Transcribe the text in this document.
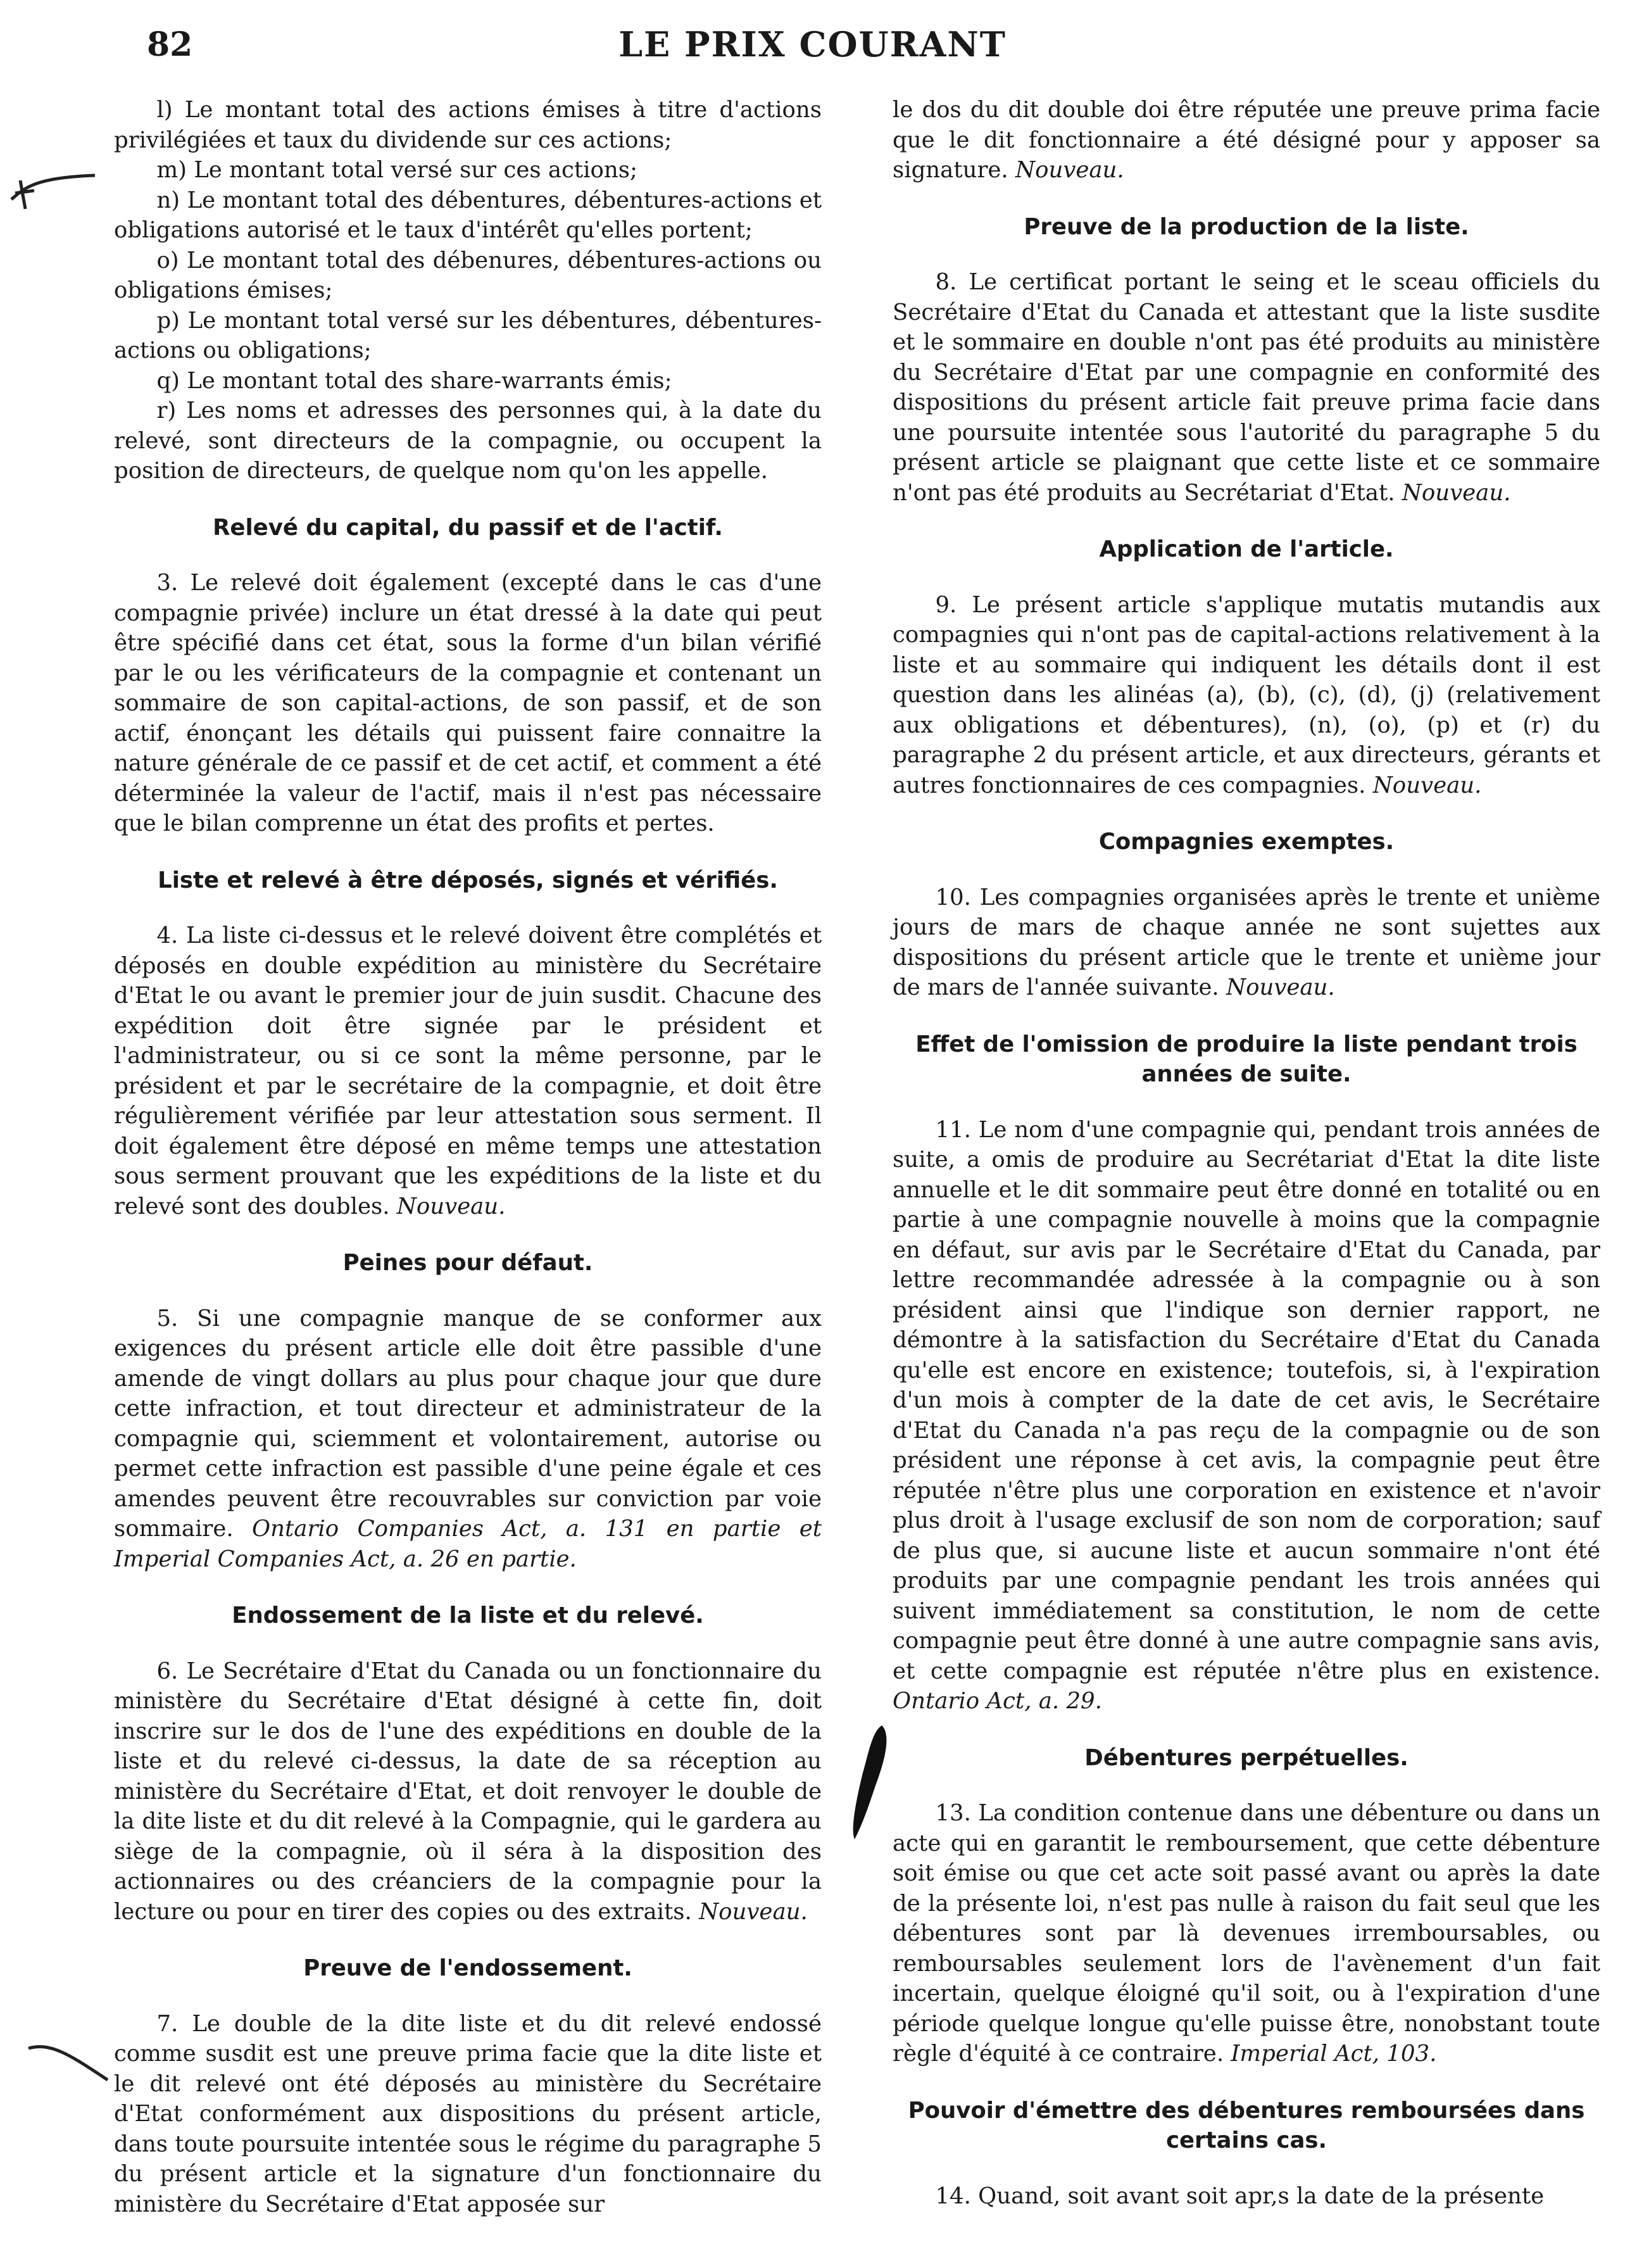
82	LE PRIX COURANT

l) Le montant total des actions émises à titre d'actions privilégiées et taux du dividende sur ces actions;

m) Le montant total versé sur ces actions;

n) Le montant total des débentures, débentures-actions et obligations autorisé et le taux d'intérêt qu'elles portent;

o) Le montant total des débenures, débentures-actions ou obligations émises;

p) Le montant total versé sur les débentures, débentures-actions ou obligations;

q) Le montant total des share-warrants émis;

r) Les noms et adresses des personnes qui, à la date du relevé, sont directeurs de la compagnie, ou occupent la position de directeurs, de quelque nom qu'on les appelle.

Relevé du capital, du passif et de l'actif.

3. Le relevé doit également (excepté dans le cas d'une compagnie privée) inclure un état dressé à la date qui peut être spécifié dans cet état, sous la forme d'un bilan vérifié par le ou les vérificateurs de la compagnie et contenant un sommaire de son capital-actions, de son passif, et de son actif, énonçant les détails qui puissent faire connaitre la nature générale de ce passif et de cet actif, et comment a été déterminée la valeur de l'actif, mais il n'est pas nécessaire que le bilan comprenne un état des profits et pertes.

Liste et relevé à être déposés, signés et vérifiés.

4. La liste ci-dessus et le relevé doivent être complétés et déposés en double expédition au ministère du Secrétaire d'Etat le ou avant le premier jour de juin susdit. Chacune des expédition doit être signée par le président et l'administrateur, ou si ce sont la même personne, par le président et par le secrétaire de la compagnie, et doit être régulièrement vérifiée par leur attestation sous serment. Il doit également être déposé en même temps une attestation sous serment prouvant que les expéditions de la liste et du relevé sont des doubles. Nouveau.

Peines pour défaut.

5. Si une compagnie manque de se conformer aux exigences du présent article elle doit être passible d'une amende de vingt dollars au plus pour chaque jour que dure cette infraction, et tout directeur et administrateur de la compagnie qui, sciemment et volontairement, autorise ou permet cette infraction est passible d'une peine égale et ces amendes peuvent être recouvrables sur conviction par voie sommaire. Ontario Companies Act, a. 131 en partie et Imperial Companies Act, a. 26 en partie.

Endossement de la liste et du relevé.

6. Le Secrétaire d'Etat du Canada ou un fonctionnaire du ministère du Secrétaire d'Etat désigné à cette fin, doit inscrire sur le dos de l'une des expéditions en double de la liste et du relevé ci-dessus, la date de sa réception au ministère du Secrétaire d'Etat, et doit renvoyer le double de la dite liste et du dit relevé à la Compagnie, qui le gardera au siège de la compagnie, où il séra à la disposition des actionnaires ou des créanciers de la compagnie pour la lecture ou pour en tirer des copies ou des extraits. Nouveau.

Preuve de l'endossement.

7. Le double de la dite liste et du dit relevé endossé comme susdit est une preuve prima facie que la dite liste et le dit relevé ont été déposés au ministère du Secrétaire d'Etat conformément aux dispositions du présent article, dans toute poursuite intentée sous le régime du paragraphe 5 du présent article et la signature d'un fonctionnaire du ministère du Secrétaire d'Etat apposée sur

le dos du dit double doi être réputée une preuve prima facie que le dit fonctionnaire a été désigné pour y apposer sa signature. Nouveau.

Preuve de la production de la liste.

8. Le certificat portant le seing et le sceau officiels du Secrétaire d'Etat du Canada et attestant que la liste susdite et le sommaire en double n'ont pas été produits au ministère du Secrétaire d'Etat par une compagnie en conformité des dispositions du présent article fait preuve prima facie dans une poursuite intentée sous l'autorité du paragraphe 5 du présent article se plaignant que cette liste et ce sommaire n'ont pas été produits au Secrétariat d'Etat. Nouveau.

Application de l'article.

9. Le présent article s'applique mutatis mutandis aux compagnies qui n'ont pas de capital-actions relativement à la liste et au sommaire qui indiquent les détails dont il est question dans les alinéas (a), (b), (c), (d), (j) (relativement aux obligations et débentures), (n), (o), (p) et (r) du paragraphe 2 du présent article, et aux directeurs, gérants et autres fonctionnaires de ces compagnies. Nouveau.

Compagnies exemptes.

10. Les compagnies organisées après le trente et unième jours de mars de chaque année ne sont sujettes aux dispositions du présent article que le trente et unième jour de mars de l'année suivante. Nouveau.

Effet de l'omission de produire la liste pendant trois années de suite.

11. Le nom d'une compagnie qui, pendant trois années de suite, a omis de produire au Secrétariat d'Etat la dite liste annuelle et le dit sommaire peut être donné en totalité ou en partie à une compagnie nouvelle à moins que la compagnie en défaut, sur avis par le Secrétaire d'Etat du Canada, par lettre recommandée adressée à la compagnie ou à son président ainsi que l'indique son dernier rapport, ne démontre à la satisfaction du Secrétaire d'Etat du Canada qu'elle est encore en existence; toutefois, si, à l'expiration d'un mois à compter de la date de cet avis, le Secrétaire d'Etat du Canada n'a pas reçu de la compagnie ou de son président une réponse à cet avis, la compagnie peut être réputée n'être plus une corporation en existence et n'avoir plus droit à l'usage exclusif de son nom de corporation; sauf de plus que, si aucune liste et aucun sommaire n'ont été produits par une compagnie pendant les trois années qui suivent immédiatement sa constitution, le nom de cette compagnie peut être donné à une autre compagnie sans avis, et cette compagnie est réputée n'être plus en existence. Ontario Act, a. 29.

Débentures perpétuelles.

13. La condition contenue dans une débenture ou dans un acte qui en garantit le remboursement, que cette débenture soit émise ou que cet acte soit passé avant ou après la date de la présente loi, n'est pas nulle à raison du fait seul que les débentures sont par là devenues irremboursables, ou remboursables seulement lors de l'avènement d'un fait incertain, quelque éloigné qu'il soit, ou à l'expiration d'une période quelque longue qu'elle puisse être, nonobstant toute règle d'équité à ce contraire. Imperial Act, 103.

Pouvoir d'émettre des débentures remboursées dans certains cas.

14. Quand, soit avant soit apr,s la date de la présente
